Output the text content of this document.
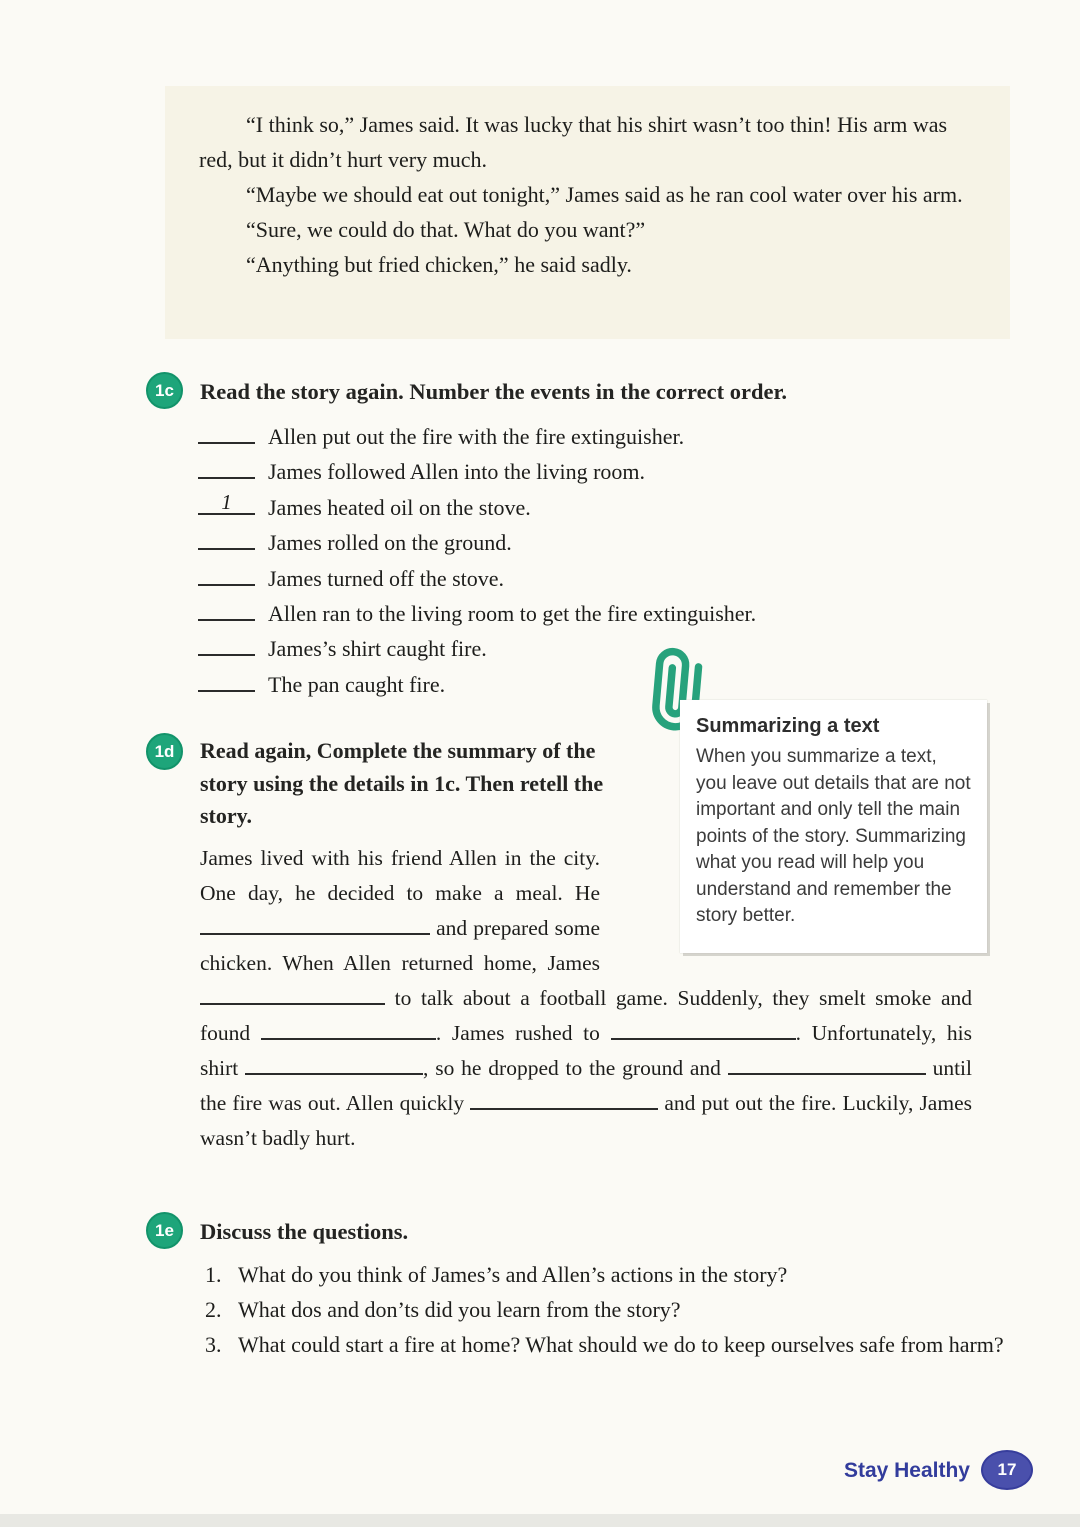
“I think so,” James said. It was lucky that his shirt wasn’t too thin! His arm was red, but it didn’t hurt very much.

“Maybe we should eat out tonight,” James said as he ran cool water over his arm.

“Sure, we could do that. What do you want?”

“Anything but fried chicken,” he said sadly.

1c	Read the story again. Number the events in the correct order.
Allen put out the fire with the fire extinguisher.
James followed Allen into the living room.
1	James heated oil on the stove.
James rolled on the ground.
James turned off the stove.
Allen ran to the living room to get the fire extinguisher.
James’s shirt caught fire.
The pan caught fire.

Summarizing a text

When you summarize a text, you leave out details that are not important and only tell the main points of the story. Summarizing what you read will help you understand and remember the story better.

1d	Read again, Complete the summary of the story using the details in 1c. Then retell the story.
James lived with his friend Allen in the city. One day, he decided to make a meal. He  and prepared some chicken. When Allen returned home, James  to talk about a football game. Suddenly, they smelt smoke and found	. James rushed to	. Unfortunately, his shirt	, so he dropped to the ground and	until the fire was out. Allen quickly	and put out the fire. Luckily, James wasn’t badly hurt.
1e	Discuss the questions.
1. What do you think of James’s and Allen’s actions in the story?
2. What dos and don’ts did you learn from the story?
3. What could start a fire at home? What should we do to keep ourselves safe from harm?
Stay Healthy 17
